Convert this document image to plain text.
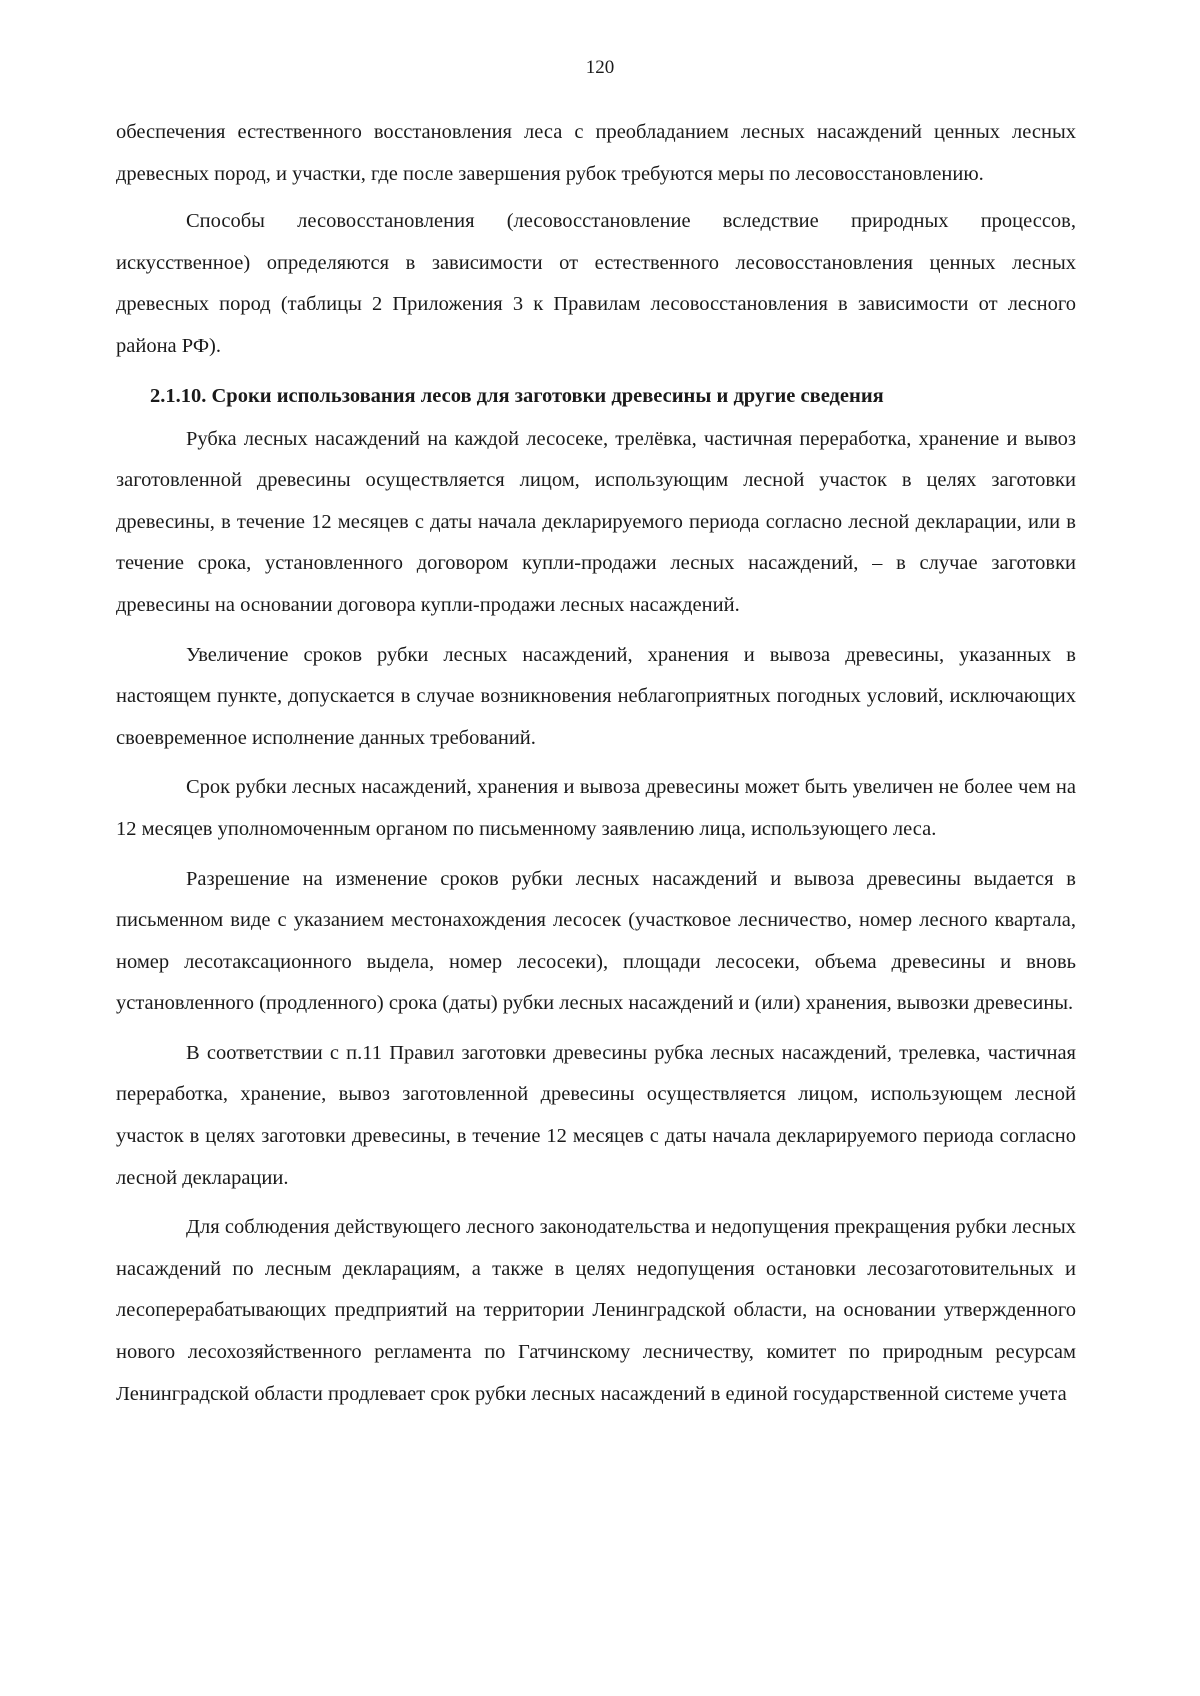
120

обеспечения естественного восстановления леса с преобладанием лесных насаждений ценных лесных древесных пород, и участки, где после завершения рубок требуются меры по лесовосстановлению.

Способы лесовосстановления (лесовосстановление вследствие природных процессов, искусственное) определяются в зависимости от естественного лесовосстановления ценных лесных древесных пород (таблицы 2 Приложения 3 к Правилам лесовосстановления в зависимости от лесного района РФ).

2.1.10. Сроки использования лесов для заготовки древесины и другие сведения

Рубка лесных насаждений на каждой лесосеке, трелёвка, частичная переработка, хранение и вывоз заготовленной древесины осуществляется лицом, использующим лесной участок в целях заготовки древесины, в течение 12 месяцев с даты начала декларируемого периода согласно лесной декларации, или в течение срока, установленного договором купли-продажи лесных насаждений, – в случае заготовки древесины на основании договора купли-продажи лесных насаждений.

Увеличение сроков рубки лесных насаждений, хранения и вывоза древесины, указанных в настоящем пункте, допускается в случае возникновения неблагоприятных погодных условий, исключающих своевременное исполнение данных требований.

Срок рубки лесных насаждений, хранения и вывоза древесины может быть увеличен не более чем на 12 месяцев уполномоченным органом по письменному заявлению лица, использующего леса.

Разрешение на изменение сроков рубки лесных насаждений и вывоза древесины выдается в письменном виде с указанием местонахождения лесосек (участковое лесничество, номер лесного квартала, номер лесотаксационного выдела, номер лесосеки), площади лесосеки, объема древесины и вновь установленного (продленного) срока (даты) рубки лесных насаждений и (или) хранения, вывозки древесины.

В соответствии с п.11 Правил заготовки древесины рубка лесных насаждений, трелевка, частичная переработка, хранение, вывоз заготовленной древесины осуществляется лицом, использующем лесной участок в целях заготовки древесины, в течение 12 месяцев с даты начала декларируемого периода согласно лесной декларации.

Для соблюдения действующего лесного законодательства и недопущения прекращения рубки лесных насаждений по лесным декларациям, а также в целях недопущения остановки лесозаготовительных и лесоперерабатывающих предприятий на территории Ленинградской области, на основании утвержденного нового лесохозяйственного регламента по Гатчинскому лесничеству, комитет по природным ресурсам Ленинградской области продлевает срок рубки лесных насаждений в единой государственной системе учета
